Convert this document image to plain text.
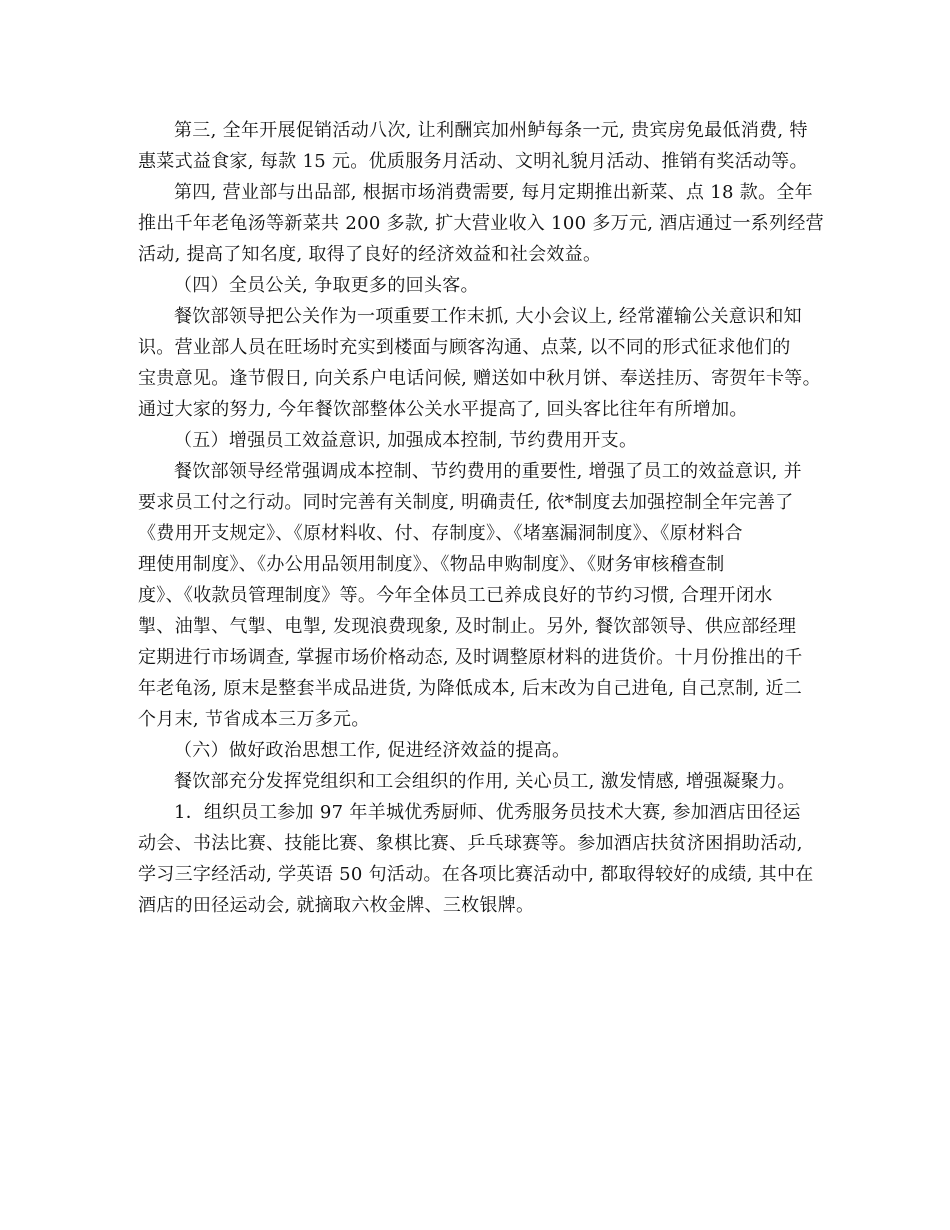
第三, 全年开展促销活动八次, 让利酬宾加州鲈每条一元, 贵宾房免最低消费, 特
惠菜式益食家, 每款 15 元。优质服务月活动、文明礼貌月活动、推销有奖活动等。
第四, 营业部与出品部, 根据市场消费需要, 每月定期推出新菜、点 18 款。全年
推出千年老龟汤等新菜共 200 多款, 扩大营业收入 100 多万元, 酒店通过一系列经营
活动, 提高了知名度, 取得了良好的经济效益和社会效益。
（四）全员公关, 争取更多的回头客。
餐饮部领导把公关作为一项重要工作末抓, 大小会议上, 经常灌输公关意识和知
识。营业部人员在旺场时充实到楼面与顾客沟通、点菜, 以不同的形式征求他们的
宝贵意见。逢节假日, 向关系户电话问候, 赠送如中秋月饼、奉送挂历、寄贺年卡等。
通过大家的努力, 今年餐饮部整体公关水平提高了, 回头客比往年有所增加。
（五）增强员工效益意识, 加强成本控制, 节约费用开支。
餐饮部领导经常强调成本控制、节约费用的重要性, 增强了员工的效益意识, 并
要求员工付之行动。同时完善有关制度, 明确责任, 依*制度去加强控制全年完善了
《费用开支规定》、《原材料收、付、存制度》、《堵塞漏洞制度》、《原材料合
理使用制度》、《办公用品领用制度》、《物品申购制度》、《财务审核稽查制
度》、《收款员管理制度》等。今年全体员工已养成良好的节约习惯, 合理开闭水
掣、油掣、气掣、电掣, 发现浪费现象, 及时制止。另外, 餐饮部领导、供应部经理
定期进行市场调查, 掌握市场价格动态, 及时调整原材料的进货价。十月份推出的千
年老龟汤, 原末是整套半成品进货, 为降低成本, 后末改为自己进龟, 自己烹制, 近二
个月末, 节省成本三万多元。
（六）做好政治思想工作, 促进经济效益的提高。
餐饮部充分发挥党组织和工会组织的作用, 关心员工, 激发情感, 增强凝聚力。
1．组织员工参加 97 年羊城优秀厨师、优秀服务员技术大赛, 参加酒店田径运
动会、书法比赛、技能比赛、象棋比赛、乒乓球赛等。参加酒店扶贫济困捐助活动,
学习三字经活动, 学英语 50 句活动。在各项比赛活动中, 都取得较好的成绩, 其中在
酒店的田径运动会, 就摘取六枚金牌、三枚银牌。
